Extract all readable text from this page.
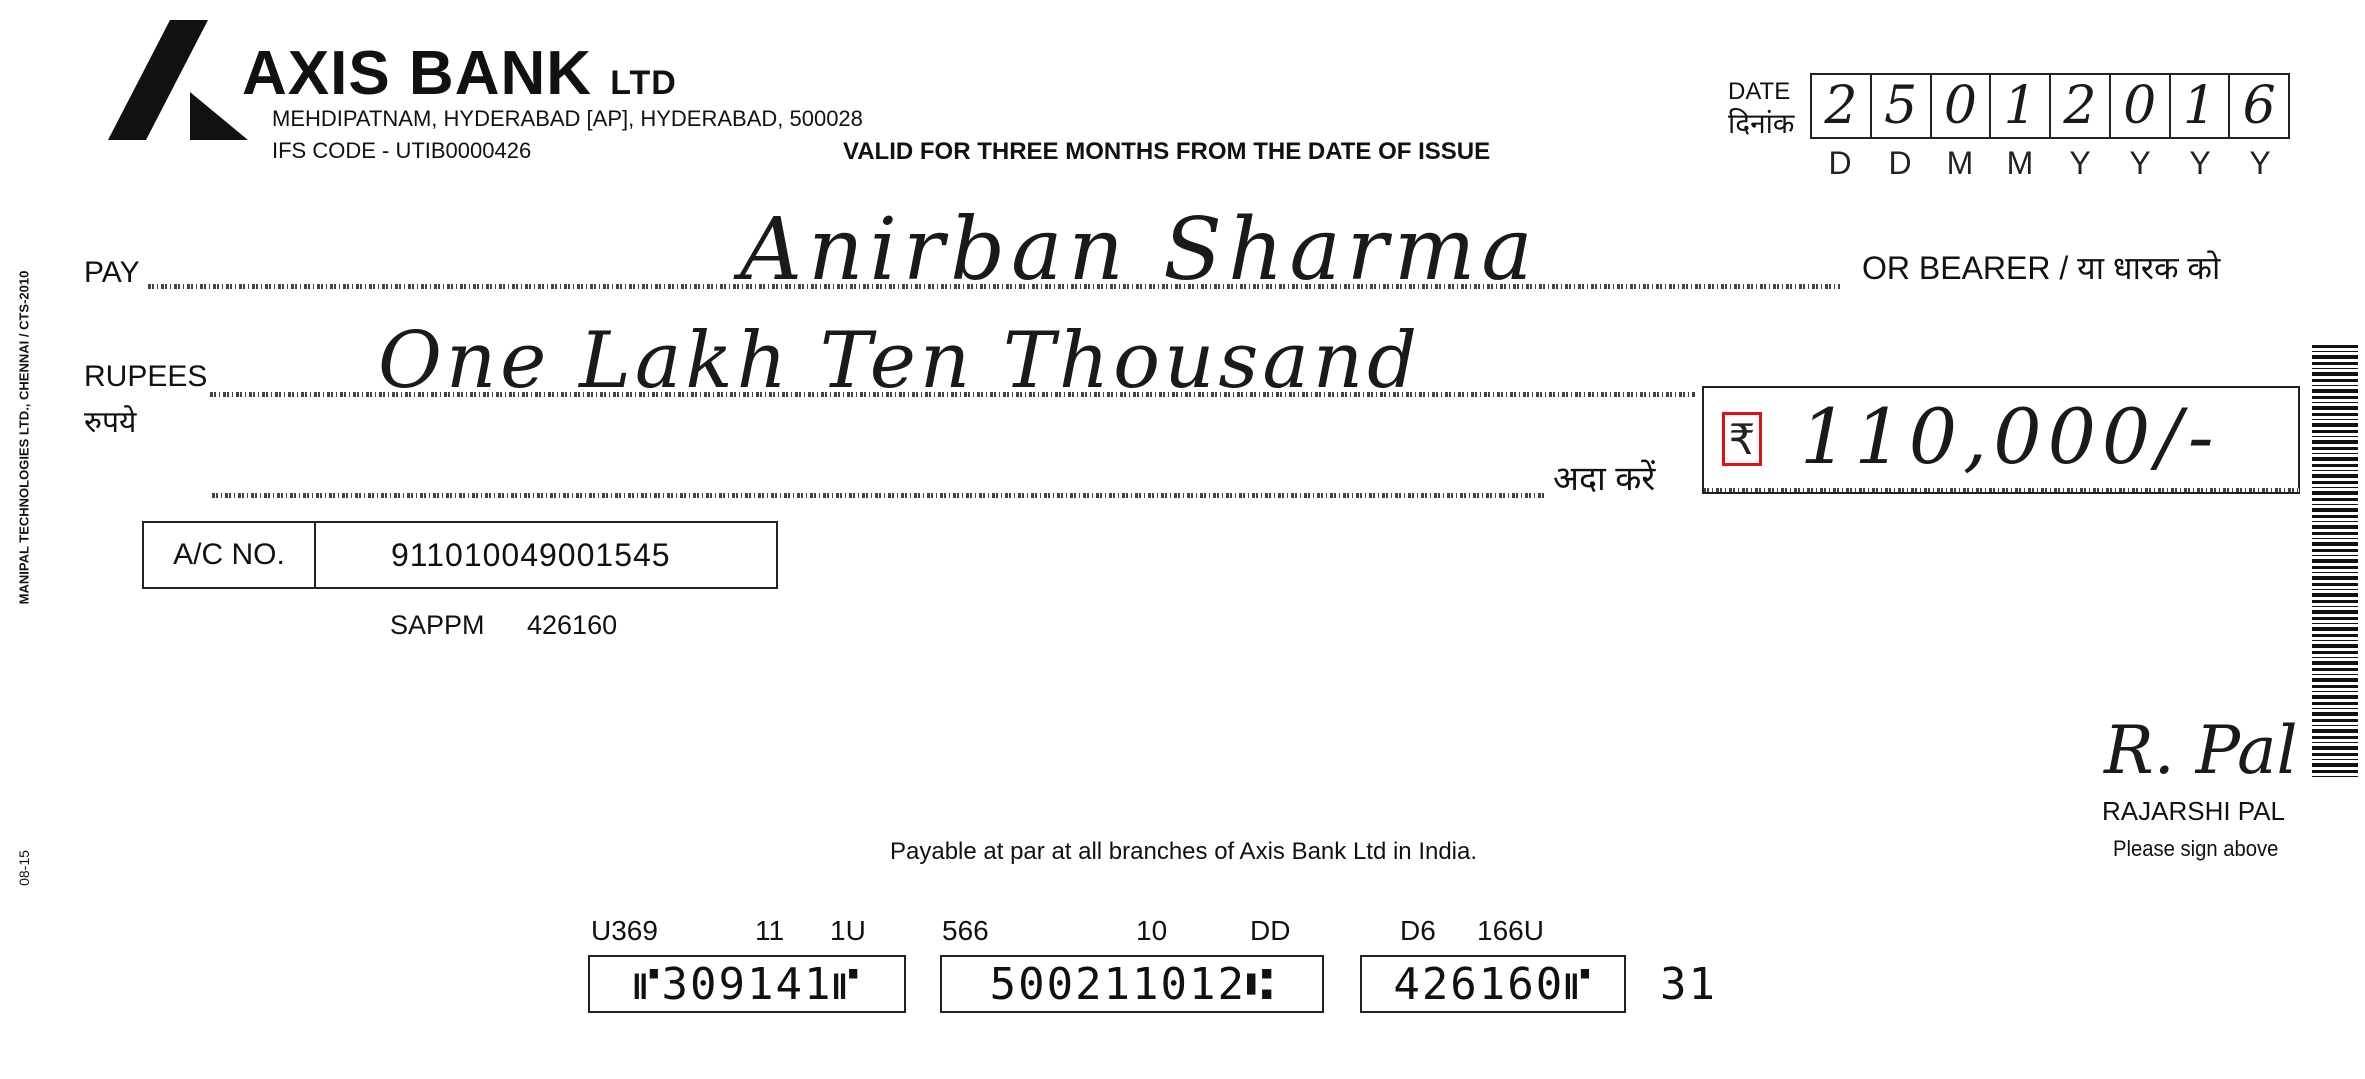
AXIS BANK LTD
MEHDIPATNAM, HYDERABAD [AP], HYDERABAD, 500028
IFS CODE - UTIB0000426	VALID FOR THREE MONTHS FROM THE DATE OF ISSUE
DATE
दिनांक 2 5 0 1 2 0 1 6
D	D	M	M	Y	Y	Y	Y
MANIPAL TECHNOLOGIES LTD., CHENNAI / CTS-2010
08-15
PAY	Anirban Sharma	OR BEARER / या धारक को
RUPEES
रुपये
One Lakh Ten Thousand
अदा करें
₹ 110,000/-
A/C NO.	911010049001545
SAPPM 426160
R. Pal
RAJARSHI PAL
Please sign above
Payable at par at all branches of Axis Bank Ltd in India.
U369	11 1U	566	10	DD	D6 166U
⑈309141⑈	500211012⑆	426160⑈	31
